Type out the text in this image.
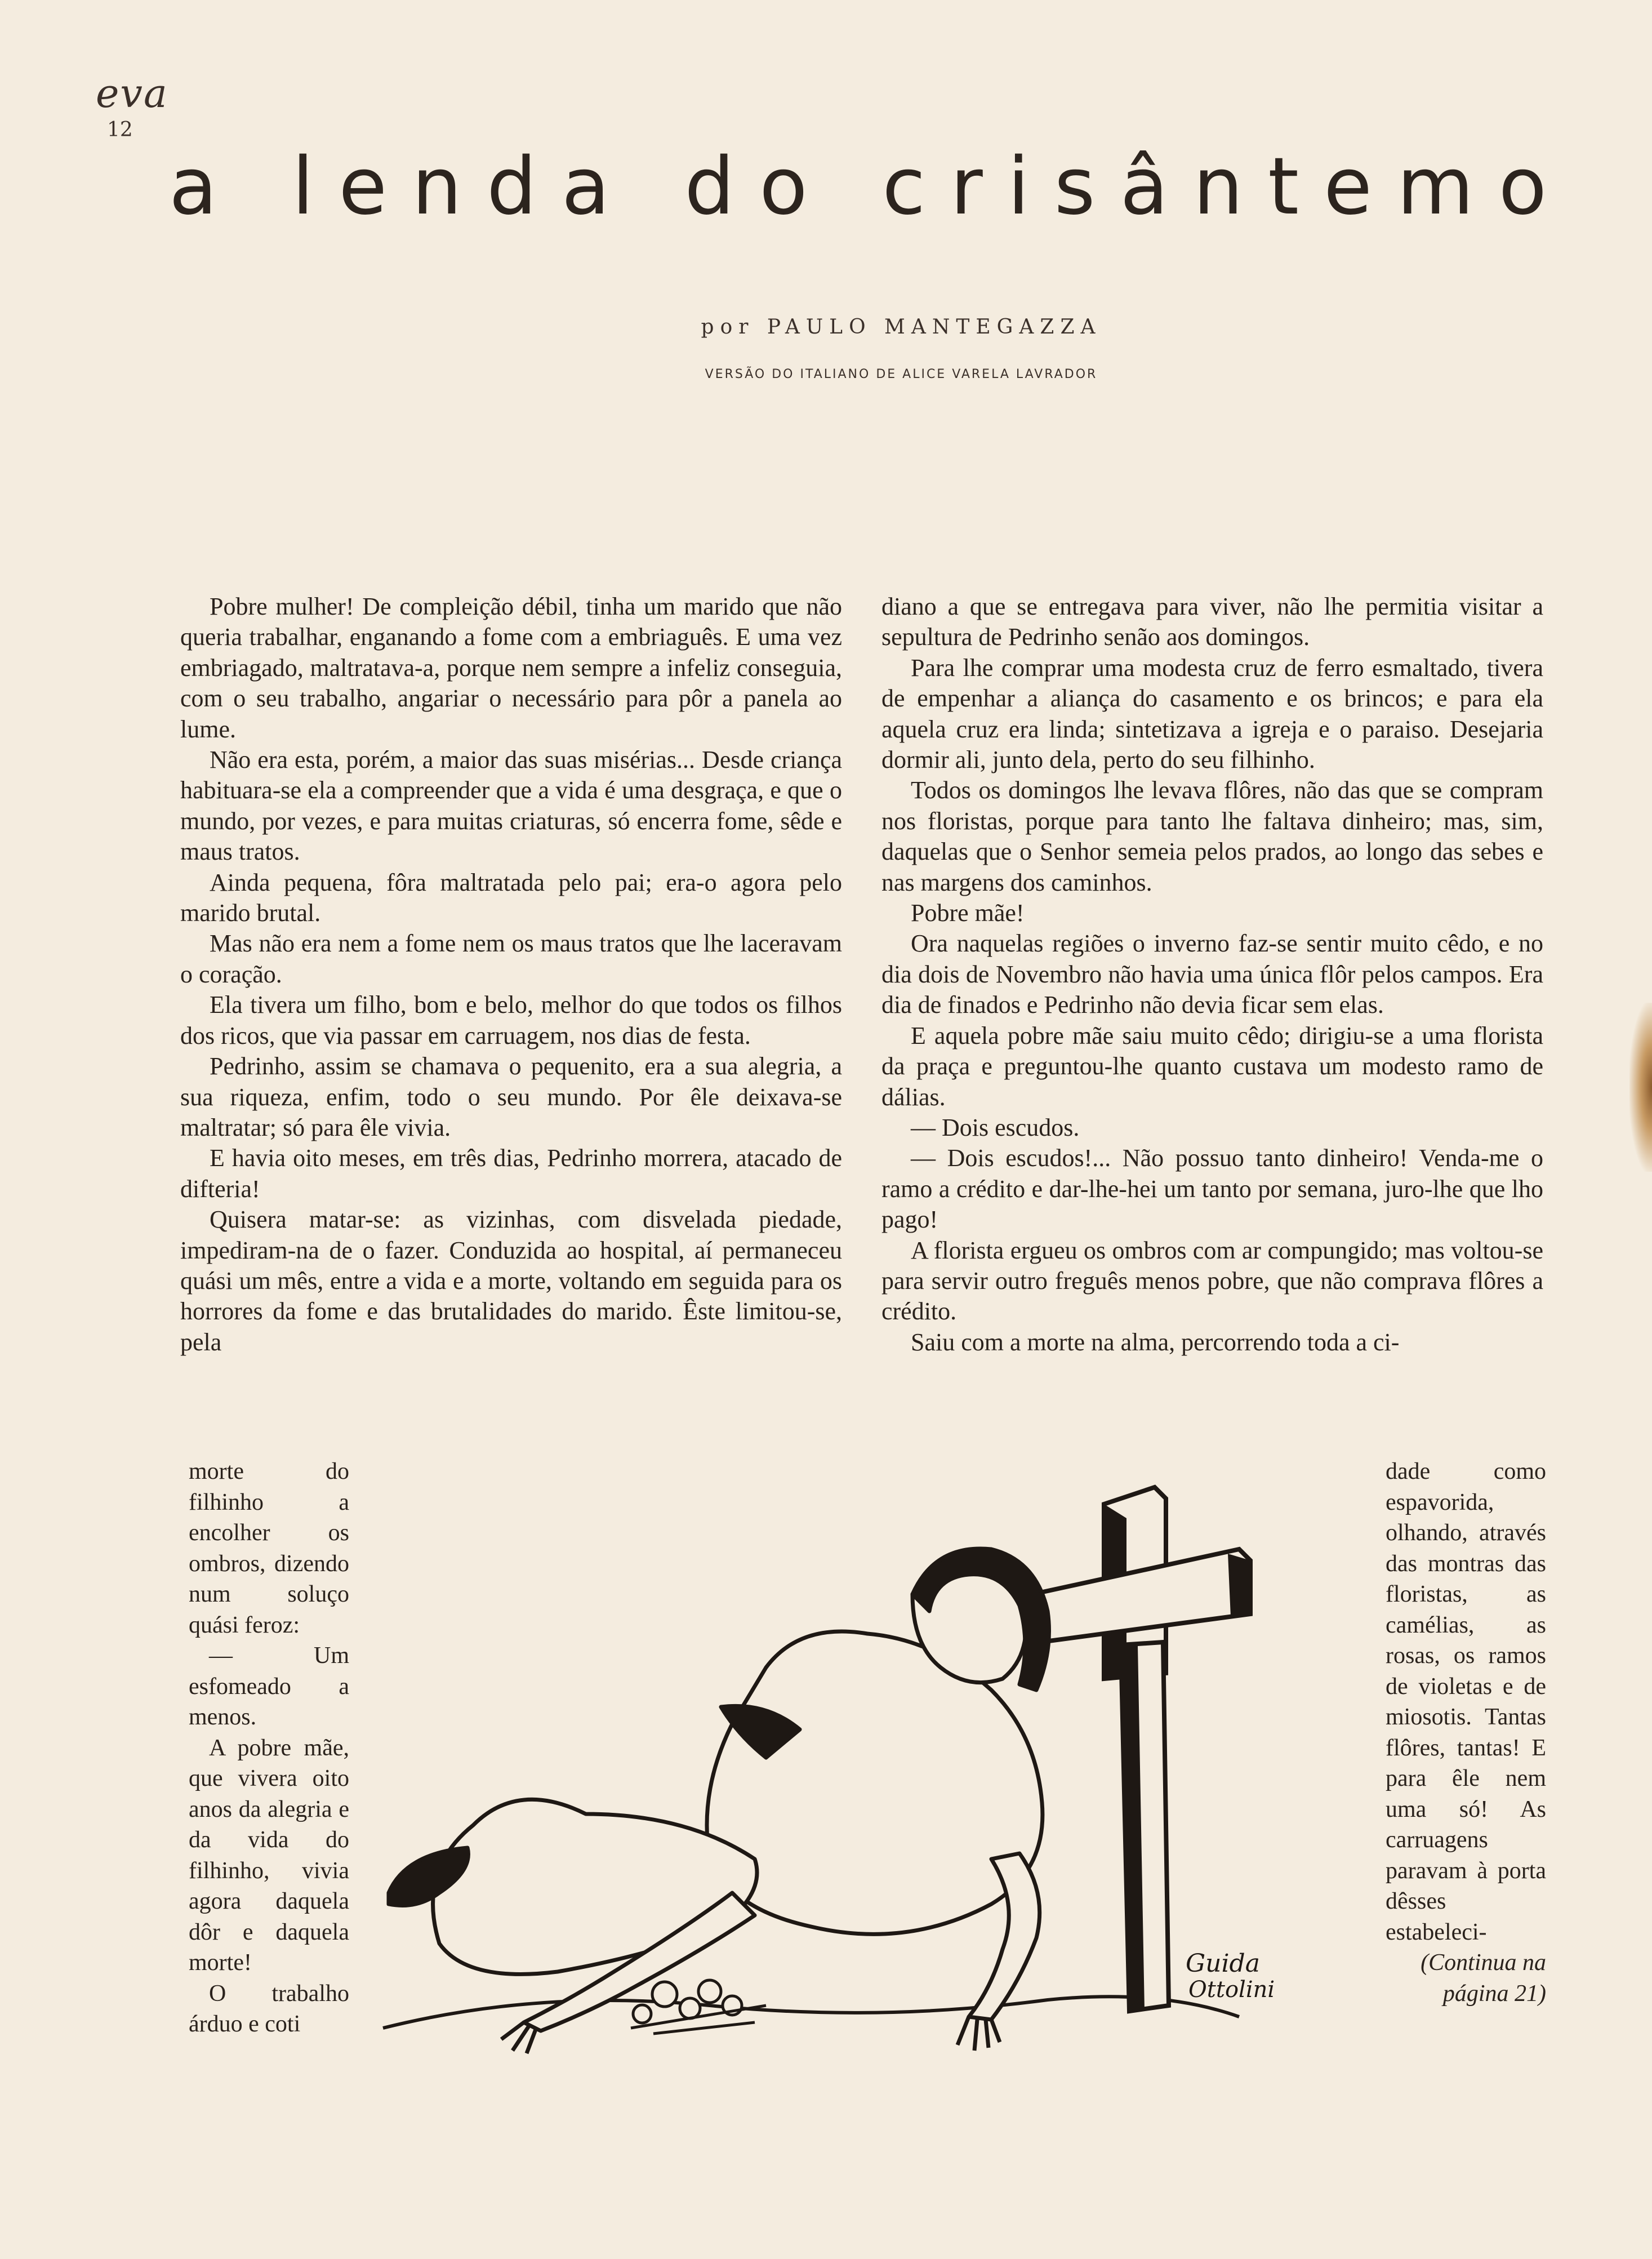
eva
12
a lenda do crisântemo
por PAULO MANTEGAZZA
VERSÃO DO ITALIANO DE ALICE VARELA LAVRADOR

Pobre mulher! De compleição débil, tinha um marido que não queria trabalhar, enganando a fome com a embriaguês. E uma vez embriagado, maltratava-a, porque nem sempre a infeliz conseguia, com o seu trabalho, angariar o necessário para pôr a panela ao lume.

Não era esta, porém, a maior das suas misérias... Desde criança habituara-se ela a compreender que a vida é uma desgraça, e que o mundo, por vezes, e para muitas criaturas, só encerra fome, sêde e maus tratos.

Ainda pequena, fôra maltratada pelo pai; era-o agora pelo marido brutal.

Mas não era nem a fome nem os maus tratos que lhe laceravam o coração.

Ela tivera um filho, bom e belo, melhor do que todos os filhos dos ricos, que via passar em carruagem, nos dias de festa.

Pedrinho, assim se chamava o pequenito, era a sua alegria, a sua riqueza, enfim, todo o seu mundo. Por êle deixava-se maltratar; só para êle vivia.

E havia oito meses, em três dias, Pedrinho morrera, atacado de difteria!

Quisera matar-se: as vizinhas, com disvelada piedade, impediram-na de o fazer. Conduzida ao hospital, aí permaneceu quási um mês, entre a vida e a morte, voltando em seguida para os horrores da fome e das brutalidades do marido. Êste limitou-se, pela

diano a que se entregava para viver, não lhe permitia visitar a sepultura de Pedrinho senão aos domingos.

Para lhe comprar uma modesta cruz de ferro esmaltado, tivera de empenhar a aliança do casamento e os brincos; e para ela aquela cruz era linda; sintetizava a igreja e o paraiso. Desejaria dormir ali, junto dela, perto do seu filhinho.

Todos os domingos lhe levava flôres, não das que se compram nos floristas, porque para tanto lhe faltava dinheiro; mas, sim, daquelas que o Senhor semeia pelos prados, ao longo das sebes e nas margens dos caminhos.

Pobre mãe!

Ora naquelas regiões o inverno faz-se sentir muito cêdo, e no dia dois de Novembro não havia uma única flôr pelos campos. Era dia de finados e Pedrinho não devia ficar sem elas.

E aquela pobre mãe saiu muito cêdo; dirigiu-se a uma florista da praça e preguntou-lhe quanto custava um modesto ramo de dálias.

— Dois escudos.

— Dois escudos!... Não possuo tanto dinheiro! Venda-me o ramo a crédito e dar-lhe-hei um tanto por semana, juro-lhe que lho pago!

A florista ergueu os ombros com ar compungido; mas voltou-se para servir outro freguês menos pobre, que não comprava flôres a crédito.

Saiu com a morte na alma, percorrendo toda a ci-

morte do filhinho a encolher os ombros, dizendo num soluço quási feroz:

— Um esfomeado a menos.

A pobre mãe, que vivera oito anos da alegria e da vida do filhinho, vivia agora daquela dôr e daquela morte!

O trabalho árduo e coti

dade como espavorida, olhando, através das montras das floristas, as camélias, as rosas, os ramos de violetas e de miosotis. Tantas flôres, tantas! E para êle nem uma só! As carruagens paravam à porta dêsses estabeleci-

(Continua na página 21)

Guida
Ottolini
